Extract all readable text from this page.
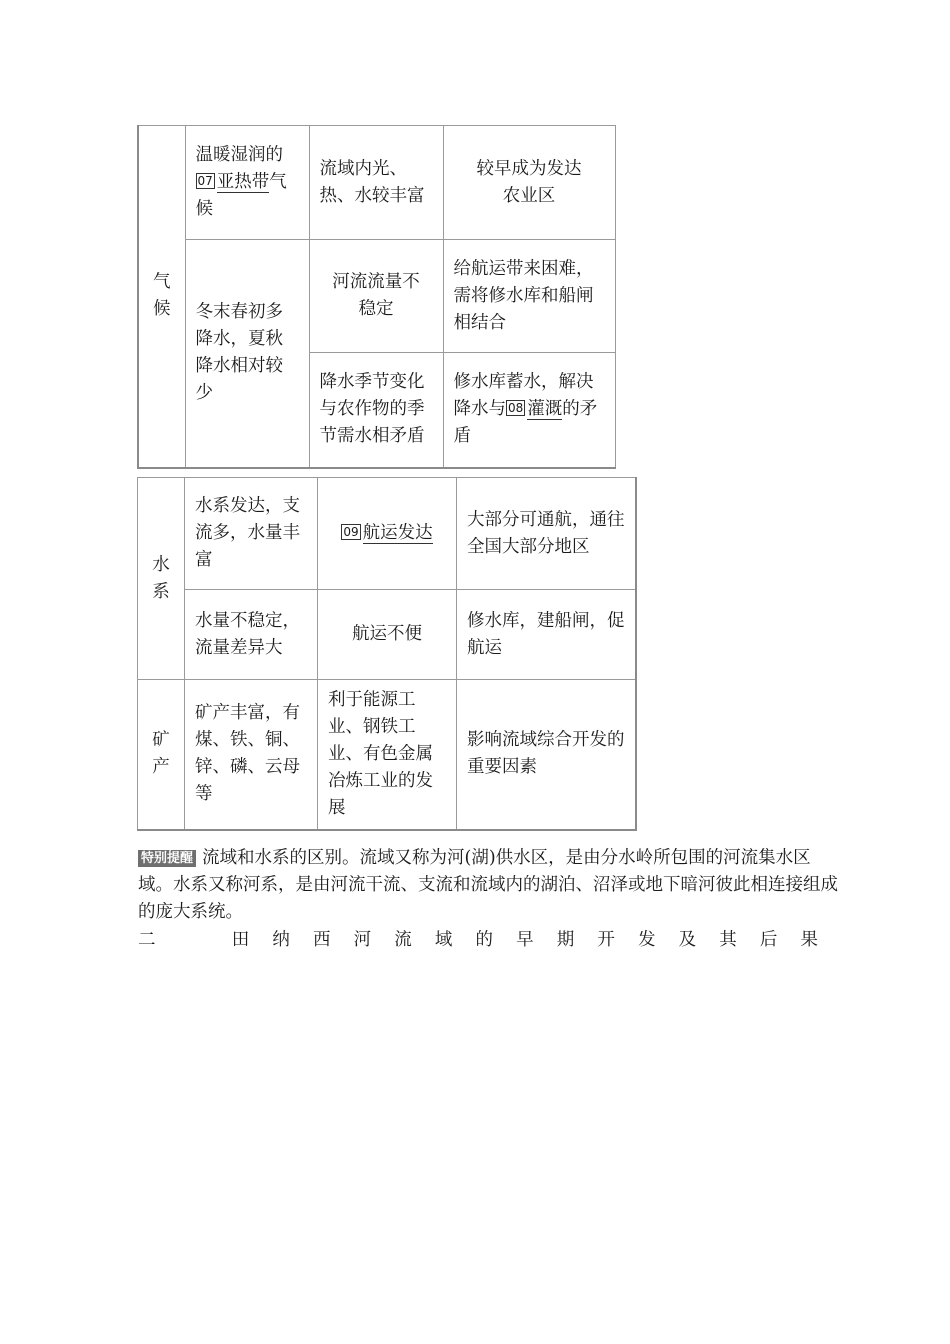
气候	温暖湿润的07 亚热带气候	流域内光、热、水较丰富	较早成为发达农业区
	冬末春初多降水，夏秋降水相对较少	河流流量不稳定	给航运带来困难，需将修水库和船闸相结合
		降水季节变化与农作物的季节需水相矛盾	修水库蓄水，解决降水与 08 灌溉的矛盾
水系	水系发达，支流多，水量丰富	09 航运发达	大部分可通航，通往全国大部分地区
	水量不稳定，流量差异大	航运不便	修水库，建船闸，促航运
矿产	矿产丰富，有煤、铁、铜、锌、磷、云母等	利于能源工业、钢铁工业、有色金属冶炼工业的发展	影响流域综合开发的重要因素
特别提醒 流域和水系的区别。流域又称为河(湖)供水区，是由分水岭所包围的河流集水区域。水系又称河系，是由河流干流、支流和流域内的湖泊、沼泽或地下暗河彼此相连接组成的庞大系统。
二	田 纳 西 河 流 域 的 早 期 开 发 及 其 后 果
